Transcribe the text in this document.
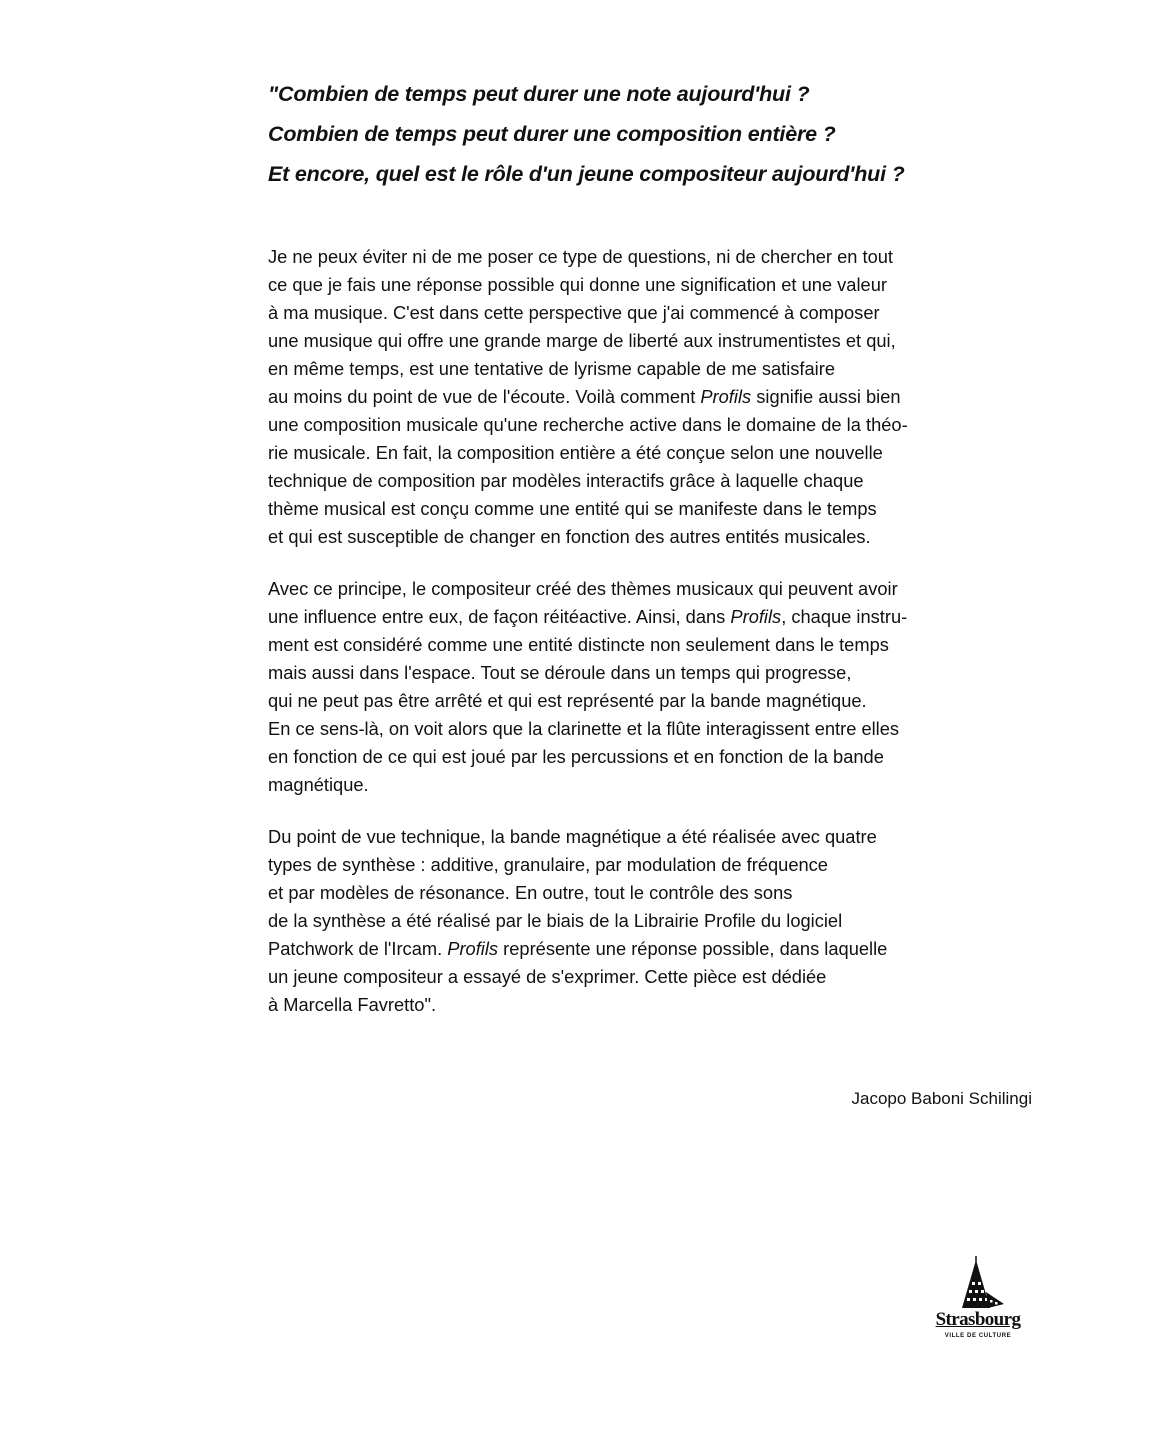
"Combien de temps peut durer une note aujourd'hui ?
Combien de temps peut durer une composition entière ?
Et encore, quel est le rôle d'un jeune compositeur aujourd'hui ?
Je ne peux éviter ni de me poser ce type de questions, ni de chercher en tout
ce que je fais une réponse possible qui donne une signification et une valeur
à ma musique. C'est dans cette perspective que j'ai commencé à composer
une musique qui offre une grande marge de liberté aux instrumentistes et qui,
en même temps, est une tentative de lyrisme capable de me satisfaire
au moins du point de vue de l'écoute. Voilà comment Profils signifie aussi bien
une composition musicale qu'une recherche active dans le domaine de la théo-
rie musicale. En fait, la composition entière a été conçue selon une nouvelle
technique de composition par modèles interactifs grâce à laquelle chaque
thème musical est conçu comme une entité qui se manifeste dans le temps
et qui est susceptible de changer en fonction des autres entités musicales.
Avec ce principe, le compositeur créé des thèmes musicaux qui peuvent avoir
une influence entre eux, de façon réitéactive. Ainsi, dans Profils, chaque instru-
ment est considéré comme une entité distincte non seulement dans le temps
mais aussi dans l'espace. Tout se déroule dans un temps qui progresse,
qui ne peut pas être arrêté et qui est représenté par la bande magnétique.
En ce sens-là, on voit alors que la clarinette et la flûte interagissent entre elles
en fonction de ce qui est joué par les percussions et en fonction de la bande
magnétique.
Du point de vue technique, la bande magnétique a été réalisée avec quatre
types de synthèse : additive, granulaire, par modulation de fréquence
et par modèles de résonance. En outre, tout le contrôle des sons
de la synthèse a été réalisé par le biais de la Librairie Profile du logiciel
Patchwork de l'Ircam. Profils représente une réponse possible, dans laquelle
un jeune compositeur a essayé de s'exprimer. Cette pièce est dédiée
à Marcella Favretto".
Jacopo Baboni Schilingi
Strasbourg
VILLE DE CULTURE
